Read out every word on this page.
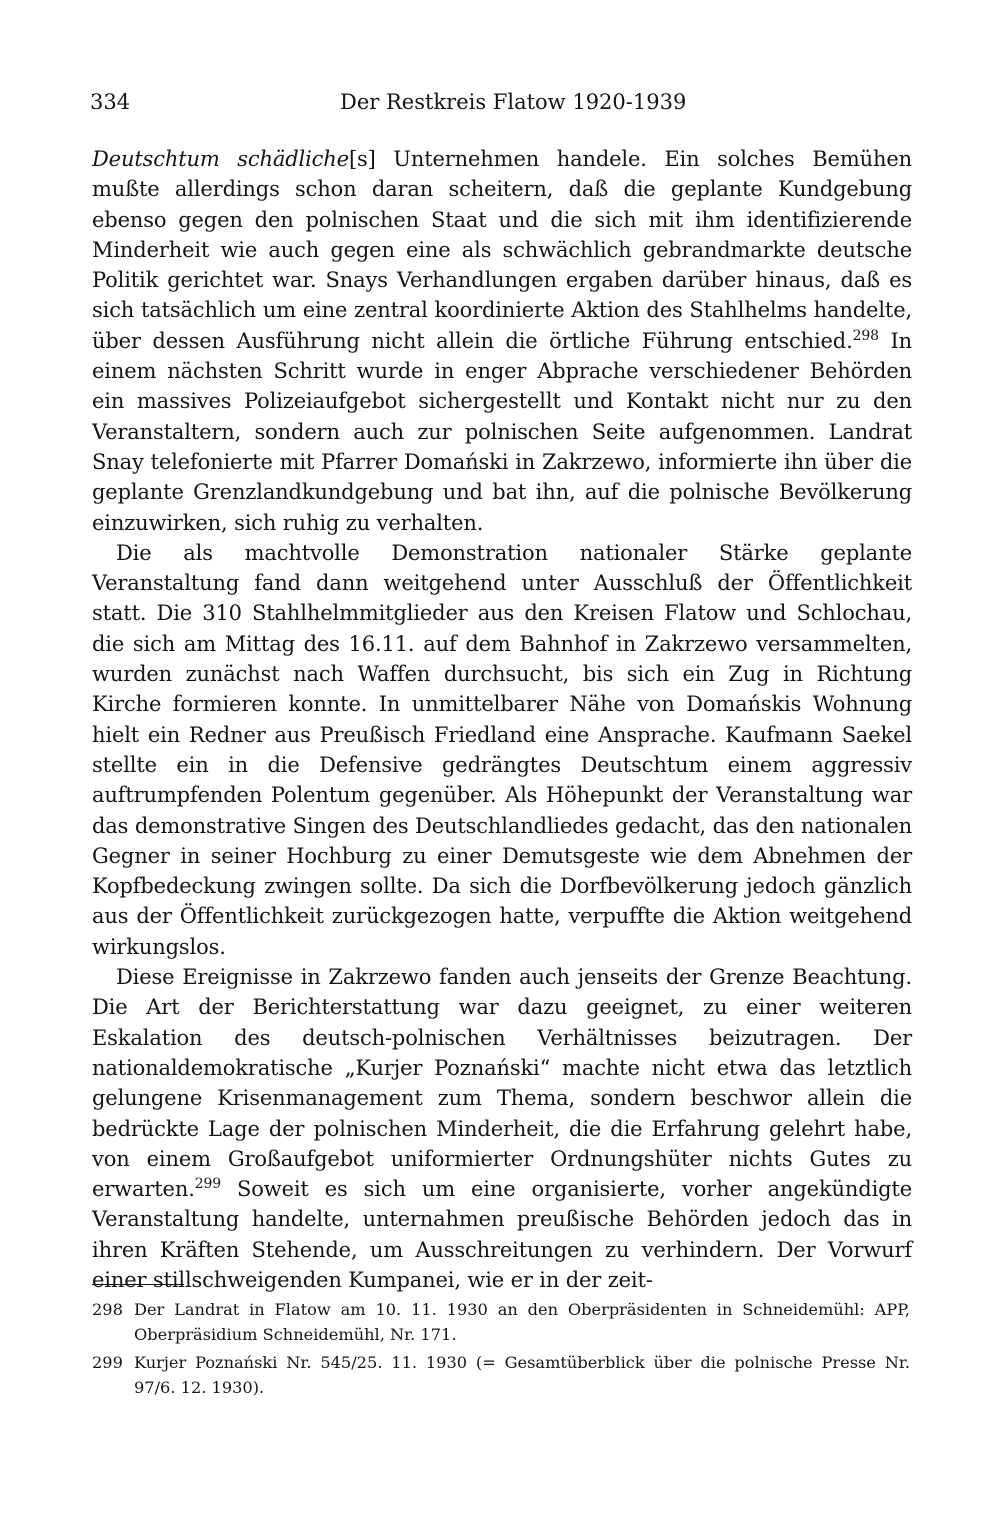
334	Der Restkreis Flatow 1920-1939

Deutschtum schädliche[s] Unternehmen handele. Ein solches Bemühen mußte allerdings schon daran scheitern, daß die geplante Kundgebung ebenso gegen den polnischen Staat und die sich mit ihm identifizierende Minderheit wie auch gegen eine als schwächlich gebrandmarkte deutsche Politik gerichtet war. Snays Verhandlungen ergaben darüber hinaus, daß es sich tatsächlich um eine zentral koordinierte Aktion des Stahlhelms handelte, über dessen Ausführung nicht allein die örtliche Führung entschied.$^{298}$ In einem nächsten Schritt wurde in enger Abprache verschiedener Behörden ein massives Polizeiaufgebot sichergestellt und Kontakt nicht nur zu den Veranstaltern, sondern auch zur polnischen Seite aufgenommen. Landrat Snay telefonierte mit Pfarrer Domański in Zakrzewo, informierte ihn über die geplante Grenzlandkundgebung und bat ihn, auf die polnische Bevölkerung einzuwirken, sich ruhig zu verhalten.

Die als machtvolle Demonstration nationaler Stärke geplante Veranstaltung fand dann weitgehend unter Ausschluß der Öffentlichkeit statt. Die 310 Stahlhelmmitglieder aus den Kreisen Flatow und Schlochau, die sich am Mittag des 16.11. auf dem Bahnhof in Zakrzewo versammelten, wurden zunächst nach Waffen durchsucht, bis sich ein Zug in Richtung Kirche formieren konnte. In unmittelbarer Nähe von Domańskis Wohnung hielt ein Redner aus Preußisch Friedland eine Ansprache. Kaufmann Saekel stellte ein in die Defensive gedrängtes Deutschtum einem aggressiv auftrumpfenden Polentum gegenüber. Als Höhepunkt der Veranstaltung war das demonstrative Singen des Deutschlandliedes gedacht, das den nationalen Gegner in seiner Hochburg zu einer Demutsgeste wie dem Abnehmen der Kopfbedeckung zwingen sollte. Da sich die Dorfbevölkerung jedoch gänzlich aus der Öffentlichkeit zurückgezogen hatte, verpuffte die Aktion weitgehend wirkungslos.

Diese Ereignisse in Zakrzewo fanden auch jenseits der Grenze Beachtung. Die Art der Berichterstattung war dazu geeignet, zu einer weiteren Eskalation des deutsch-polnischen Verhältnisses beizutragen. Der nationaldemokratische „Kurjer Poznański“ machte nicht etwa das letztlich gelungene Krisenmanagement zum Thema, sondern beschwor allein die bedrückte Lage der polnischen Minderheit, die die Erfahrung gelehrt habe, von einem Großaufgebot uniformierter Ordnungshüter nichts Gutes zu erwarten.$^{299}$ Soweit es sich um eine organisierte, vorher angekündigte Veranstaltung handelte, unternahmen preußische Behörden jedoch das in ihren Kräften Stehende, um Ausschreitungen zu verhindern. Der Vorwurf einer stillschweigenden Kumpanei, wie er in der zeit-

298 Der Landrat in Flatow am 10. 11. 1930 an den Oberpräsidenten in Schneidemühl: APP, Oberpräsidium Schneidemühl, Nr. 171.
299 Kurjer Poznański Nr. 545/25. 11. 1930 (= Gesamtüberblick über die polnische Presse Nr. 97/6. 12. 1930).
